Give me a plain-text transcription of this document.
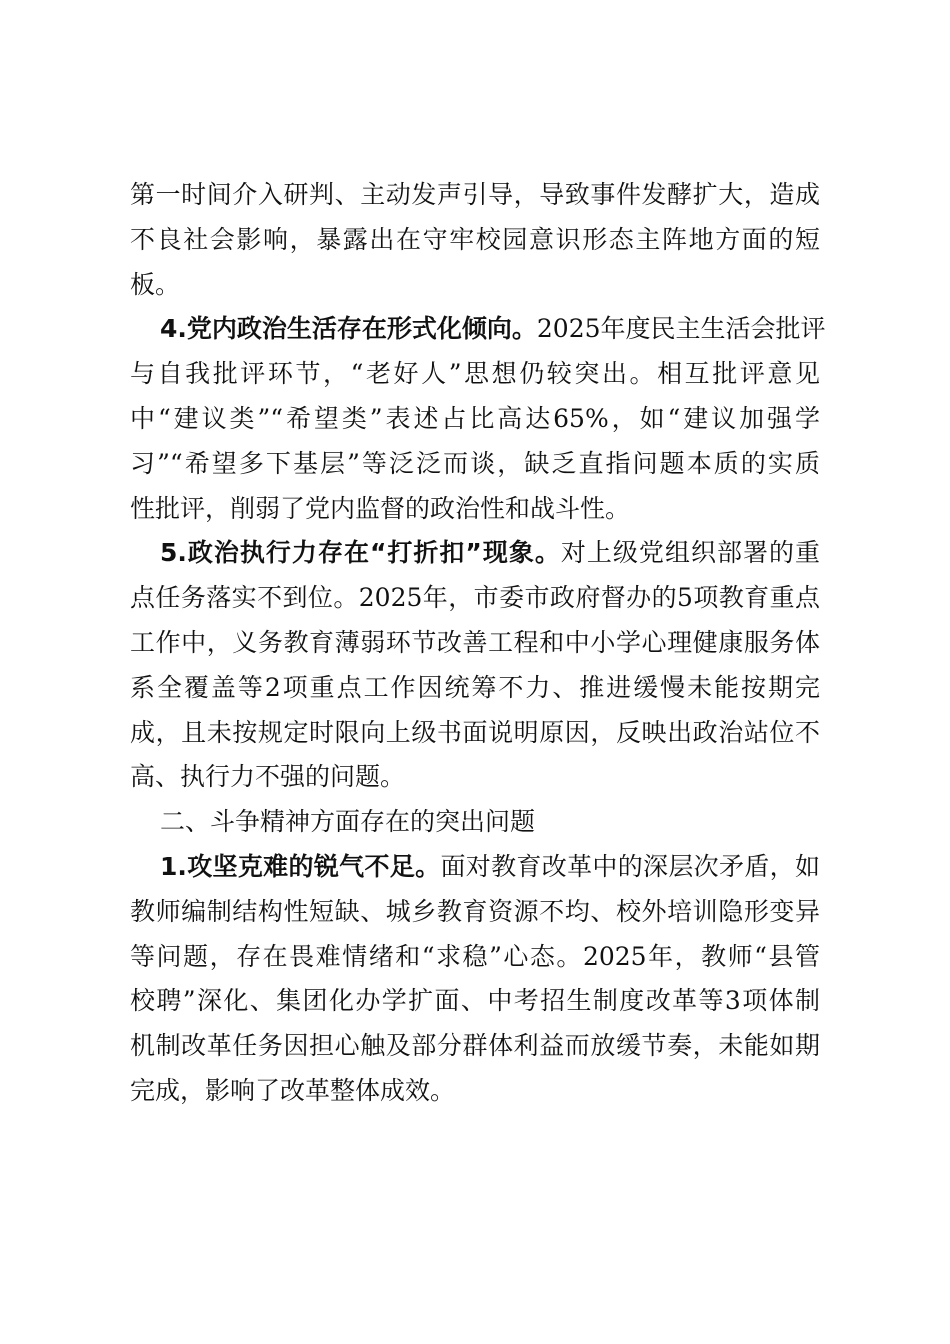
第一时间介入研判、主动发声引导，导致事件发酵扩大，造成
不良社会影响，暴露出在守牢校园意识形态主阵地方面的短
板。
4.党内政治生活存在形式化倾向。2025年度民主生活会批评
与自我批评环节，“老好人”思想仍较突出。相互批评意见
中“建议类”“希望类”表述占比高达65%，如“建议加强学
习”“希望多下基层”等泛泛而谈，缺乏直指问题本质的实质
性批评，削弱了党内监督的政治性和战斗性。
5.政治执行力存在“打折扣”现象。对上级党组织部署的重
点任务落实不到位。2025年，市委市政府督办的5项教育重点
工作中，义务教育薄弱环节改善工程和中小学心理健康服务体
系全覆盖等2项重点工作因统筹不力、推进缓慢未能按期完
成，且未按规定时限向上级书面说明原因，反映出政治站位不
高、执行力不强的问题。
二、斗争精神方面存在的突出问题
1.攻坚克难的锐气不足。面对教育改革中的深层次矛盾，如
教师编制结构性短缺、城乡教育资源不均、校外培训隐形变异
等问题，存在畏难情绪和“求稳”心态。2025年，教师“县管
校聘”深化、集团化办学扩面、中考招生制度改革等3项体制
机制改革任务因担心触及部分群体利益而放缓节奏，未能如期
完成，影响了改革整体成效。
